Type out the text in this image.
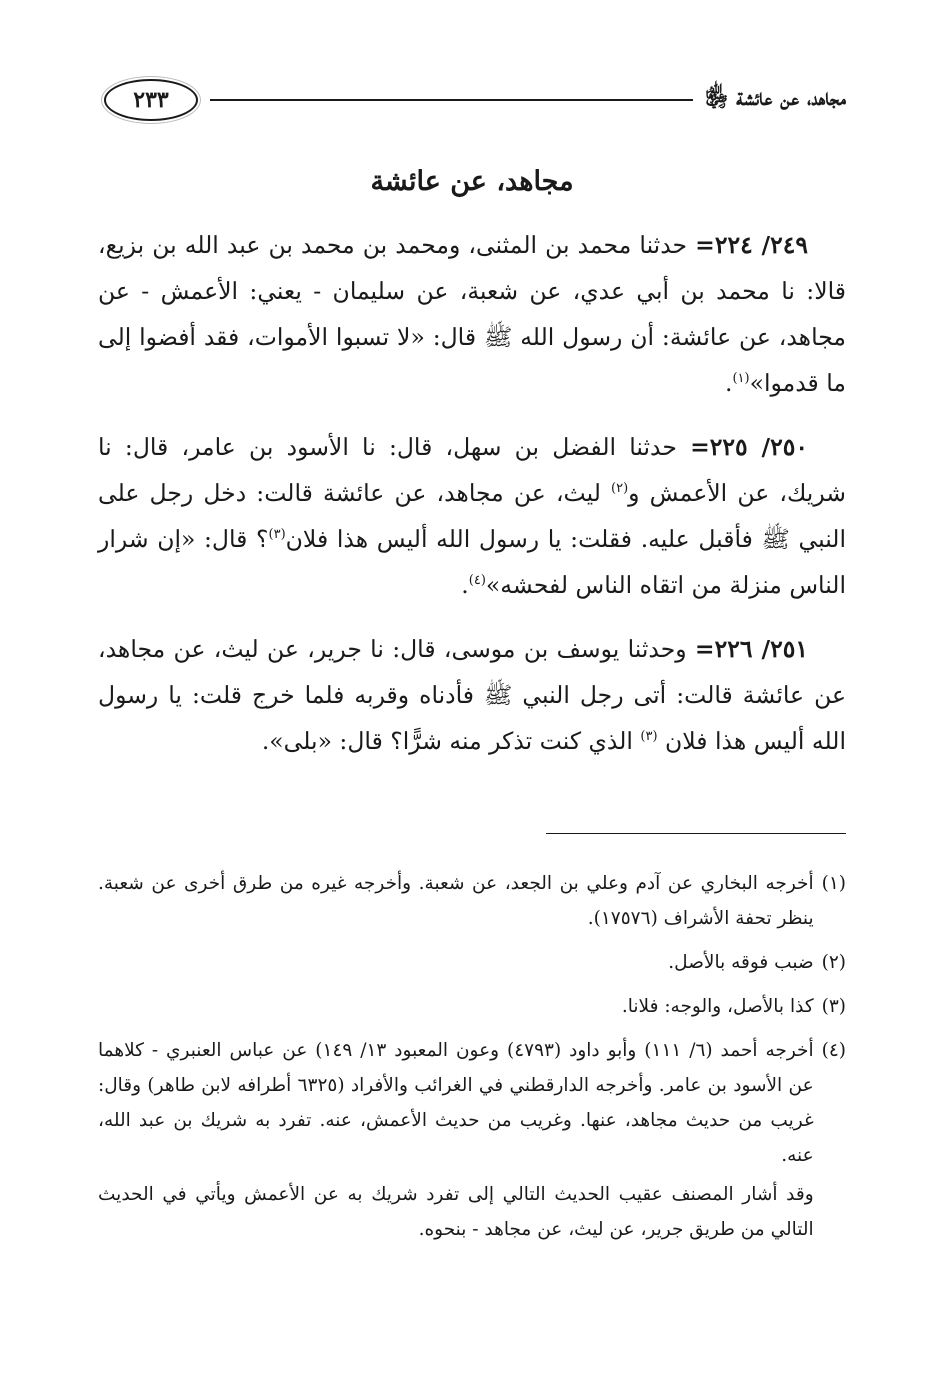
مجاهد، عن عائشة ﵂
٢٣٣
مجاهد، عن عائشة

٢٤٩/ ٢٢٤= حدثنا محمد بن المثنى، ومحمد بن محمد بن عبد الله بن بزيع، قالا: نا محمد بن أبي عدي، عن شعبة، عن سليمان - يعني: الأعمش - عن مجاهد، عن عائشة: أن رسول الله ﷺ قال: «لا تسبوا الأموات، فقد أفضوا إلى ما قدموا»$^{(١)}$.

٢٥٠/ ٢٢٥= حدثنا الفضل بن سهل، قال: نا الأسود بن عامر، قال: نا شريك، عن الأعمش و$^{(٢)}$ ليث، عن مجاهد، عن عائشة قالت: دخل رجل على النبي ﷺ فأقبل عليه. فقلت: يا رسول الله أليس هذا فلان$^{(٣)}$؟ قال: «إن شرار الناس منزلة من اتقاه الناس لفحشه»$^{(٤)}$.

٢٥١/ ٢٢٦= وحدثنا يوسف بن موسى، قال: نا جرير، عن ليث، عن مجاهد، عن عائشة قالت: أتى رجل النبي ﷺ فأدناه وقربه فلما خرج قلت: يا رسول الله أليس هذا فلان $^{(٣)}$ الذي كنت تذكر منه شرًّا؟ قال: «بلى».

(١)
أخرجه البخاري عن آدم وعلي بن الجعد، عن شعبة. وأخرجه غيره من طرق أخرى عن شعبة. ينظر تحفة الأشراف (١٧٥٧٦).
(٢)
ضبب فوقه بالأصل.
(٣)
كذا بالأصل، والوجه: فلانا.
(٤)
أخرجه أحمد (٦/ ١١١) وأبو داود (٤٧٩٣) وعون المعبود ١٣/ ١٤٩) عن عباس العنبري - كلاهما عن الأسود بن عامر. وأخرجه الدارقطني في الغرائب والأفراد (٦٣٢٥ أطرافه لابن طاهر) وقال: غريب من حديث مجاهد، عنها. وغريب من حديث الأعمش، عنه. تفرد به شريك بن عبد الله، عنه.
وقد أشار المصنف عقيب الحديث التالي إلى تفرد شريك به عن الأعمش ويأتي في الحديث التالي من طريق جرير، عن ليث، عن مجاهد - بنحوه.
